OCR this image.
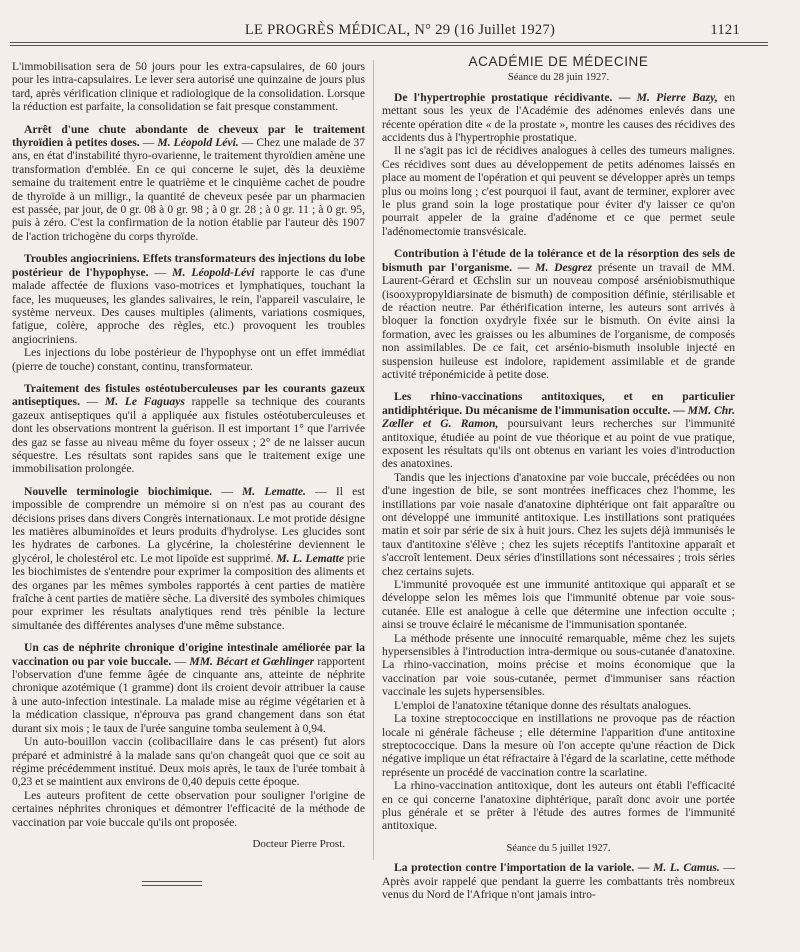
LE PROGRÈS MÉDICAL, N° 29 (16 Juillet 1927)	1121

L'immobilisation sera de 50 jours pour les extra-capsulaires, de 60 jours pour les intra-capsulaires. Le lever sera autorisé une quinzaine de jours plus tard, après vérification clinique et radiologique de la consolidation. Lorsque la réduction est parfaite, la consolidation se fait presque constamment.

Arrêt d'une chute abondante de cheveux par le traitement thyroïdien à petites doses. — M. Léopold Lévi. — Chez une malade de 37 ans, en état d'instabilité thyro-ovarienne, le traitement thyroïdien amène une transformation d'emblée. En ce qui concerne le sujet, dès la deuxième semaine du traitement entre le quatrième et le cinquième cachet de poudre de thyroïde à un milligr., la quantité de cheveux pesée par un pharmacien est passée, par jour, de 0 gr. 08 à 0 gr. 98 ; à 0 gr. 28 ; à 0 gr. 11 ; à 0 gr. 95, puis à zéro. C'est la confirmation de la notion établie par l'auteur dès 1907 de l'action trichogène du corps thyroïde.

Troubles angiocriniens. Effets transformateurs des injections du lobe postérieur de l'hypophyse. — M. Léopold-Lévi rapporte le cas d'une malade affectée de fluxions vaso-motrices et lymphatiques, touchant la face, les muqueuses, les glandes salivaires, le rein, l'appareil vasculaire, le système nerveux. Des causes multiples (aliments, variations cosmiques, fatigue, colère, approche des règles, etc.) provoquent les troubles angiocriniens.

Les injections du lobe postérieur de l'hypophyse ont un effet immédiat (pierre de touche) constant, continu, transformateur.

Traitement des fistules ostéotuberculeuses par les courants gazeux antiseptiques. — M. Le Faguays rappelle sa technique des courants gazeux antiseptiques qu'il a appliquée aux fistules ostéotuberculeuses et dont les observations montrent la guérison. Il est important 1° que l'arrivée des gaz se fasse au niveau même du foyer osseux ; 2° de ne laisser aucun séquestre. Les résultats sont rapides sans que le traitement exige une immobilisation prolongée.

Nouvelle terminologie biochimique. — M. Lematte. — Il est impossible de comprendre un mémoire si on n'est pas au courant des décisions prises dans divers Congrès internationaux. Le mot protide désigne les matières albuminoïdes et leurs produits d'hydrolyse. Les glucides sont les hydrates de carbones. La glycérine, la cholestérine deviennent le glycérol, le cholestérol etc. Le mot lipoïde est supprimé. M. L. Lematte prie les biochimistes de s'entendre pour exprimer la composition des aliments et des organes par les mêmes symboles rapportés à cent parties de matière fraîche à cent parties de matière sèche. La diversité des symboles chimiques pour exprimer les résultats analytiques rend très pénible la lecture simultanée des différentes analyses d'une même substance.

Un cas de néphrite chronique d'origine intestinale améliorée par la vaccination ou par voie buccale. — MM. Bécart et Gœhlinger rapportent l'observation d'une femme âgée de cinquante ans, atteinte de néphrite chronique azotémique (1 gramme) dont ils croient devoir attribuer la cause à une auto-infection intestinale. La malade mise au régime végétarien et à la médication classique, n'éprouva pas grand changement dans son état durant six mois ; le taux de l'urée sanguine tomba seulement à 0,94.

Un auto-bouillon vaccin (colibacillaire dans le cas présent) fut alors préparé et administré à la malade sans qu'on changeât quoi que ce soit au régime précédemment institué. Deux mois après, le taux de l'urée tombait à 0,23 et se maintient aux environs de 0,40 depuis cette époque.

Les auteurs profitent de cette observation pour souligner l'origine de certaines néphrites chroniques et démontrer l'efficacité de la méthode de vaccination par voie buccale qu'ils ont proposée.

Docteur Pierre Prost.

ACADÉMIE DE MÉDECINE

Séance du 28 juin 1927.

De l'hypertrophie prostatique récidivante. — M. Pierre Bazy, en mettant sous les yeux de l'Académie des adénomes enlevés dans une récente opération dite « de la prostate », montre les causes des récidives des accidents dus à l'hypertrophie prostatique.

Il ne s'agit pas ici de récidives analogues à celles des tumeurs malignes. Ces récidives sont dues au développement de petits adénomes laissés en place au moment de l'opération et qui peuvent se développer après un temps plus ou moins long ; c'est pourquoi il faut, avant de terminer, explorer avec le plus grand soin la loge prostatique pour éviter d'y laisser ce qu'on pourrait appeler de la graine d'adénome et ce que permet seule l'adénomectomie transvésicale.

Contribution à l'étude de la tolérance et de la résorption des sels de bismuth par l'organisme. — M. Desgrez présente un travail de MM. Laurent-Gérard et Œchslin sur un nouveau composé arséniobismuthique (isooxypropyldiarsinate de bismuth) de composition définie, stérilisable et de réaction neutre. Par éthérification interne, les auteurs sont arrivés à bloquer la fonction oxydryle fixée sur le bismuth. On évite ainsi la formation, avec les graisses ou les albumines de l'organisme, de composés non assimilables. De ce fait, cet arsénio-bismuth insoluble injecté en suspension huileuse est indolore, rapidement assimilable et de grande activité tréponémicide à petite dose.

Les rhino-vaccinations antitoxiques, et en particulier antidiphtérique. Du mécanisme de l'immunisation occulte. — MM. Chr. Zœller et G. Ramon, poursuivant leurs recherches sur l'immunité antitoxique, étudiée au point de vue théorique et au point de vue pratique, exposent les résultats qu'ils ont obtenus en variant les voies d'introduction des anatoxines.

Tandis que les injections d'anatoxine par voie buccale, précédées ou non d'une ingestion de bile, se sont montrées inefficaces chez l'homme, les instillations par voie nasale d'anatoxine diphtérique ont fait apparaître ou ont développé une immunité antitoxique. Les instillations sont pratiquées matin et soir par série de six à huit jours. Chez les sujets déjà immunisés le taux d'antitoxine s'élève ; chez les sujets réceptifs l'antitoxine apparaît et s'accroît lentement. Deux séries d'instillations sont nécessaires ; trois séries chez certains sujets.

L'immunité provoquée est une immunité antitoxique qui apparaît et se développe selon les mêmes lois que l'immunité obtenue par voie sous-cutanée. Elle est analogue à celle que détermine une infection occulte ; ainsi se trouve éclairé le mécanisme de l'immunisation spontanée.

La méthode présente une innocuité remarquable, même chez les sujets hypersensibles à l'introduction intra-dermique ou sous-cutanée d'anatoxine. La rhino-vaccination, moins précise et moins économique que la vaccination par voie sous-cutanée, permet d'immuniser sans réaction vaccinale les sujets hypersensibles.

L'emploi de l'anatoxine tétanique donne des résultats analogues.

La toxine streptococcique en instillations ne provoque pas de réaction locale ni générale fâcheuse ; elle détermine l'apparition d'une antitoxine streptococcique. Dans la mesure où l'on accepte qu'une réaction de Dick négative implique un état réfractaire à l'égard de la scarlatine, cette méthode représente un procédé de vaccination contre la scarlatine.

La rhino-vaccination antitoxique, dont les auteurs ont établi l'efficacité en ce qui concerne l'anatoxine diphtérique, paraît donc avoir une portée plus générale et se prêter à l'étude des autres formes de l'immunité antitoxique.

Séance du 5 juillet 1927.

La protection contre l'importation de la variole. — M. L. Camus. — Après avoir rappelé que pendant la guerre les combattants très nombreux venus du Nord de l'Afrique n'ont jamais intro-
